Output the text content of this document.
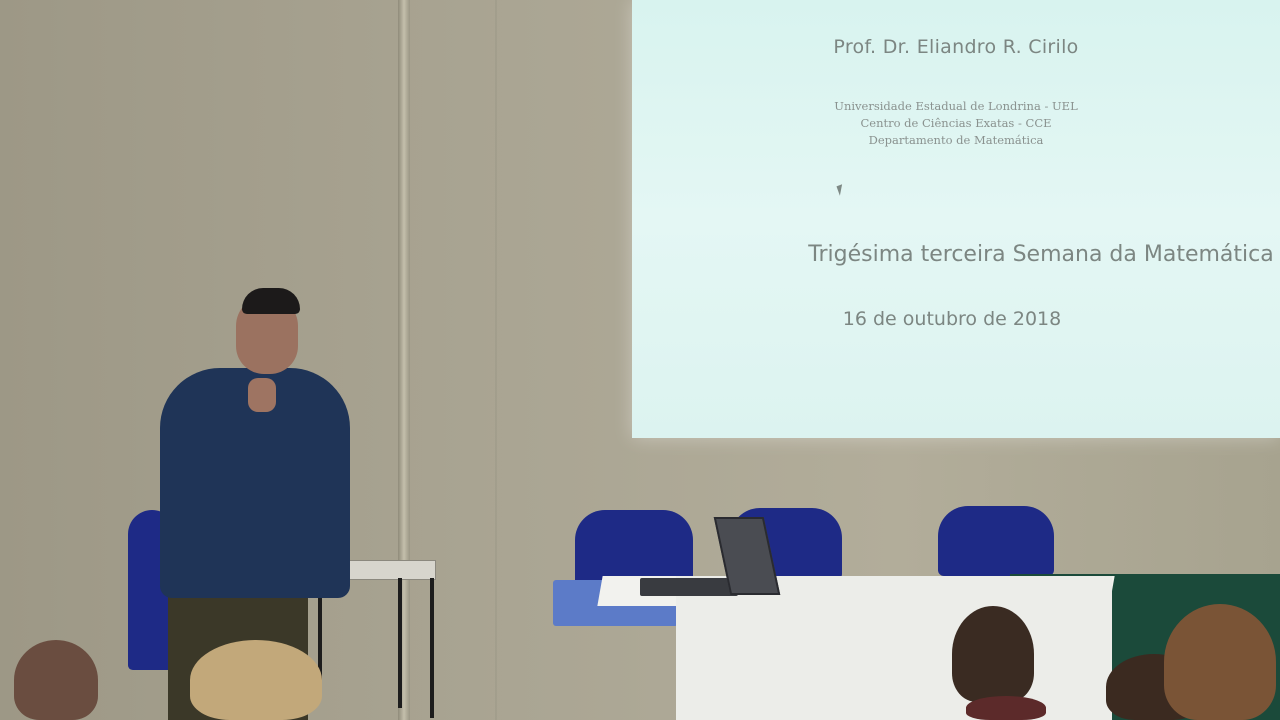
Prof. Dr. Eliandro R. Cirilo
Universidade Estadual de Londrina - UEL
Centro de Ciências Exatas - CCE
Departamento de Matemática
Trigésima terceira Semana da Matemática
16 de outubro de 2018
